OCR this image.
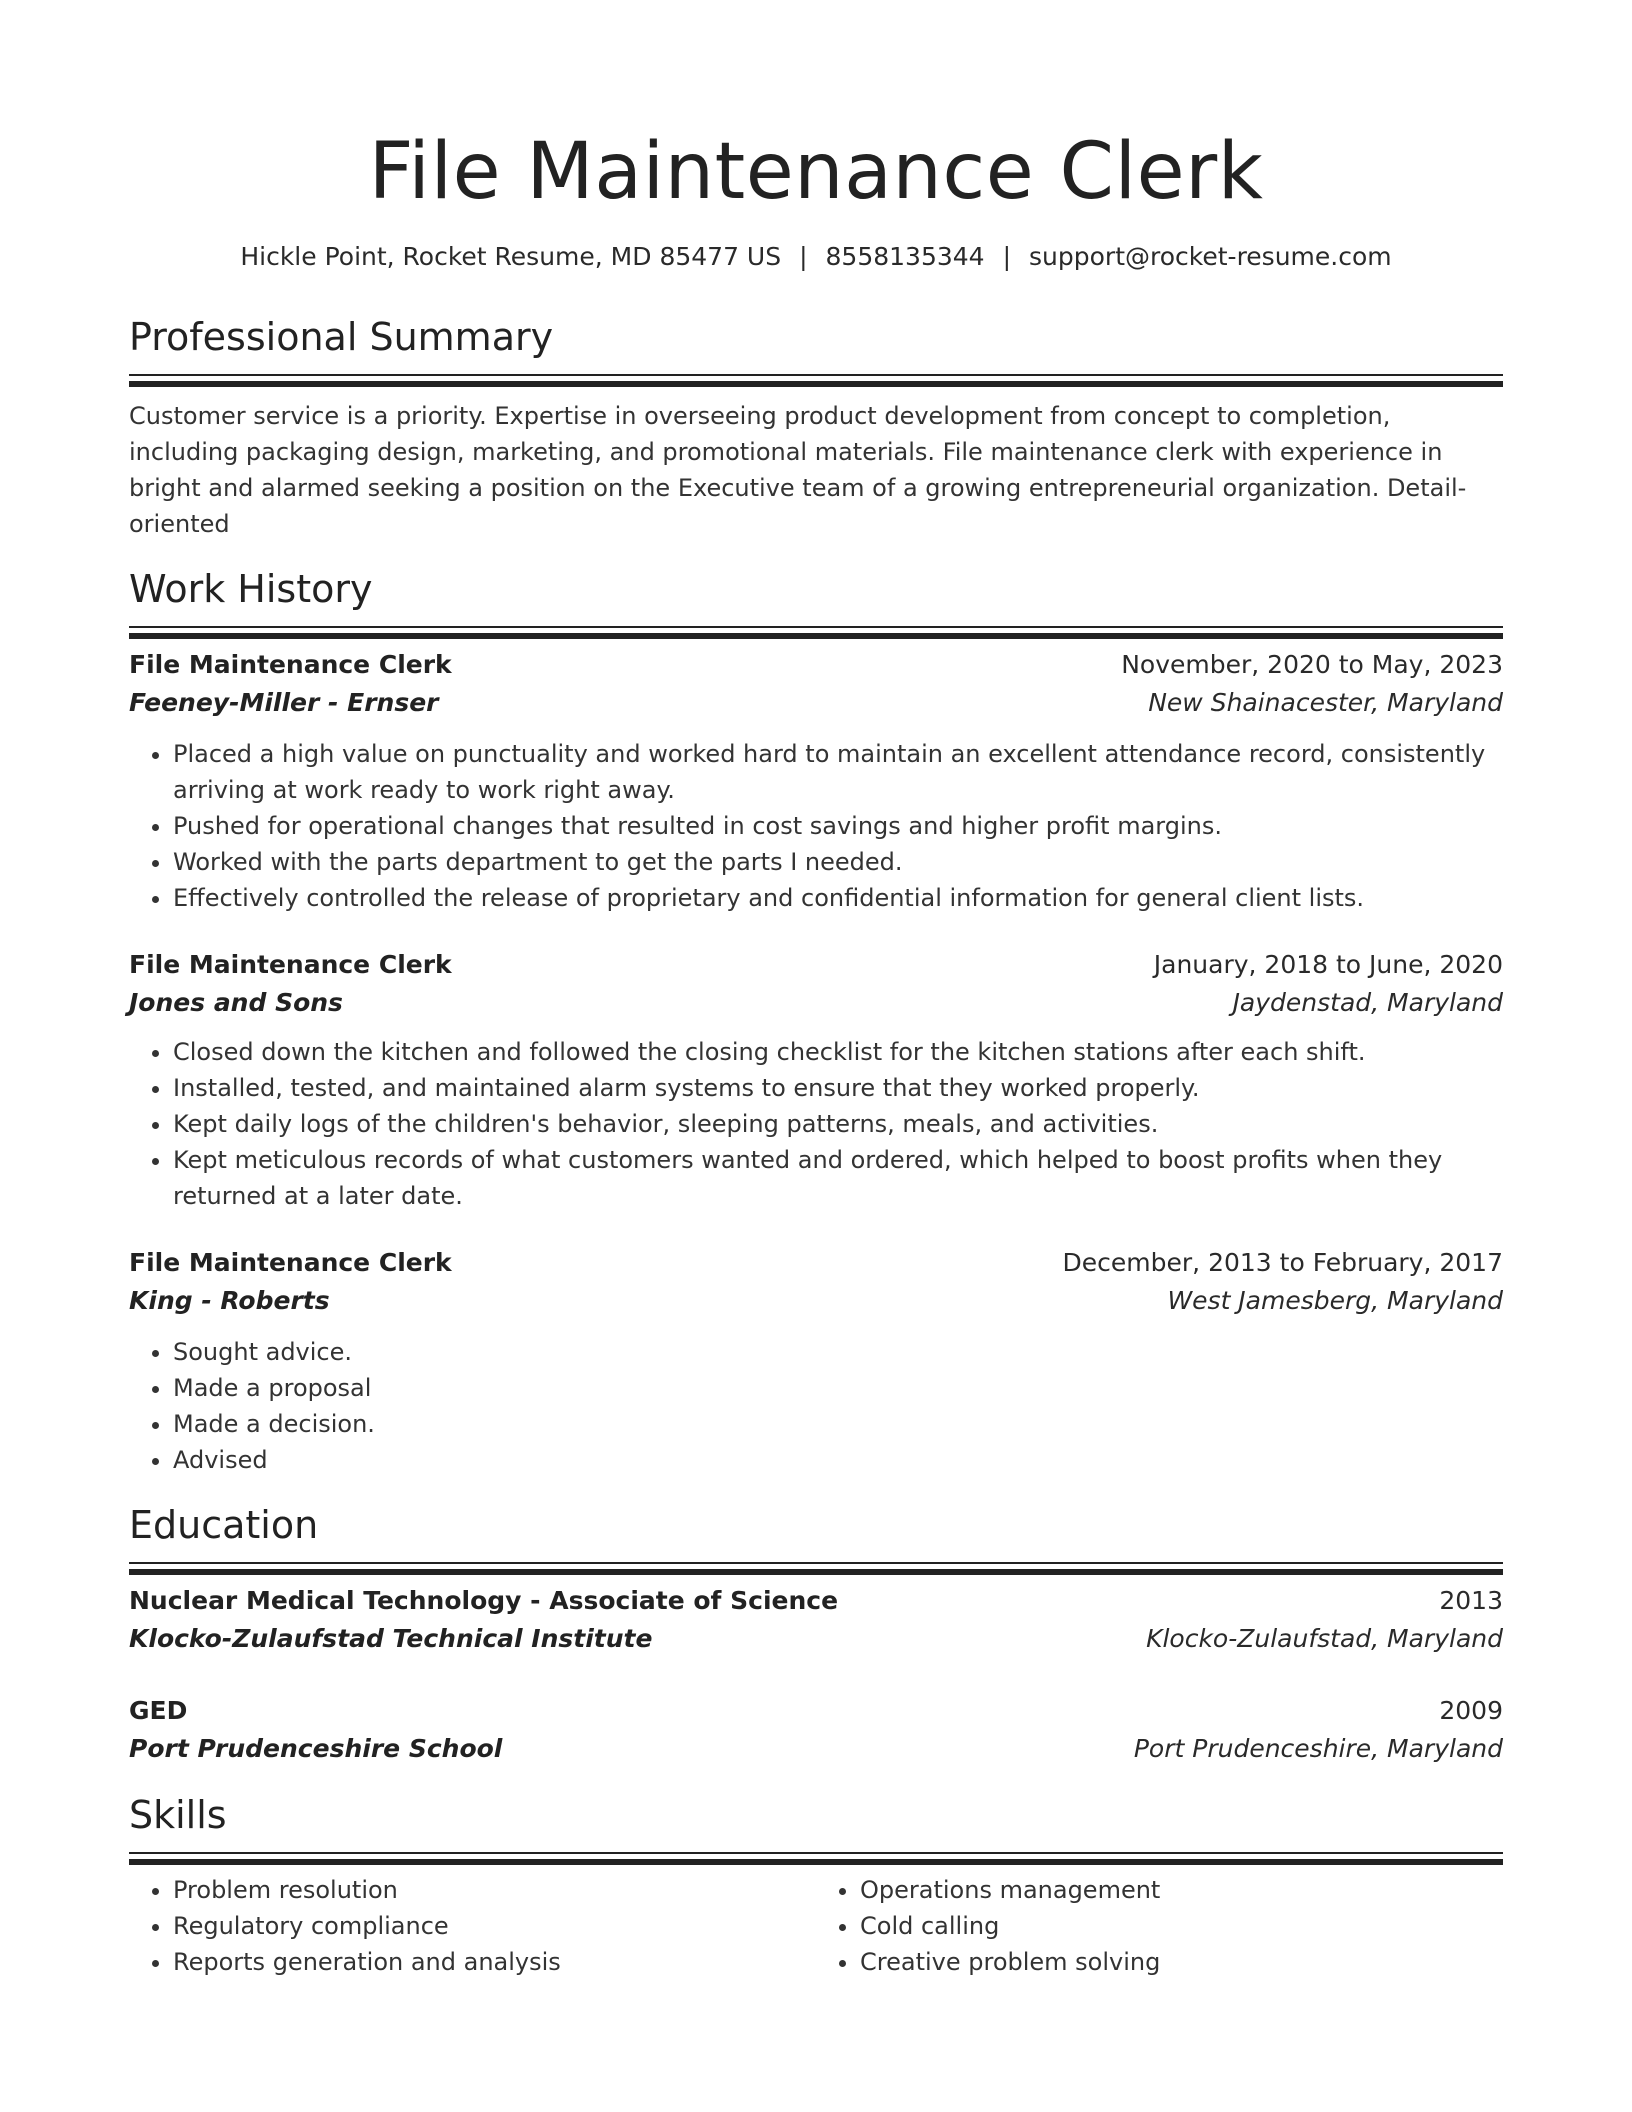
File Maintenance Clerk
Hickle Point, Rocket Resume, MD 85477 US | 8558135344 | support@rocket-resume.com
Professional Summary

Customer service is a priority. Expertise in overseeing product development from concept to completion, including packaging design, marketing, and promotional materials. File maintenance clerk with experience in bright and alarmed seeking a position on the Executive team of a growing entrepreneurial organization. Detail-oriented

Work History
File Maintenance Clerk	November, 2020 to May, 2023
Feeney-Miller - Ernser	New Shainacester, Maryland
• Placed a high value on punctuality and worked hard to maintain an excellent attendance record, consistently arriving at work ready to work right away.
• Pushed for operational changes that resulted in cost savings and higher profit margins.
• Worked with the parts department to get the parts I needed.
• Effectively controlled the release of proprietary and confidential information for general client lists.
File Maintenance Clerk	January, 2018 to June, 2020
Jones and Sons	Jaydenstad, Maryland
• Closed down the kitchen and followed the closing checklist for the kitchen stations after each shift.
• Installed, tested, and maintained alarm systems to ensure that they worked properly.
• Kept daily logs of the children's behavior, sleeping patterns, meals, and activities.
• Kept meticulous records of what customers wanted and ordered, which helped to boost profits when they returned at a later date.
File Maintenance Clerk	December, 2013 to February, 2017
King - Roberts	West Jamesberg, Maryland
• Sought advice.
• Made a proposal
• Made a decision.
• Advised
Education
Nuclear Medical Technology - Associate of Science	2013
Klocko-Zulaufstad Technical Institute	Klocko-Zulaufstad, Maryland
GED	2009
Port Prudenceshire School	Port Prudenceshire, Maryland
Skills
• Problem resolution
• Regulatory compliance
• Reports generation and analysis
• Operations management
• Cold calling
• Creative problem solving
